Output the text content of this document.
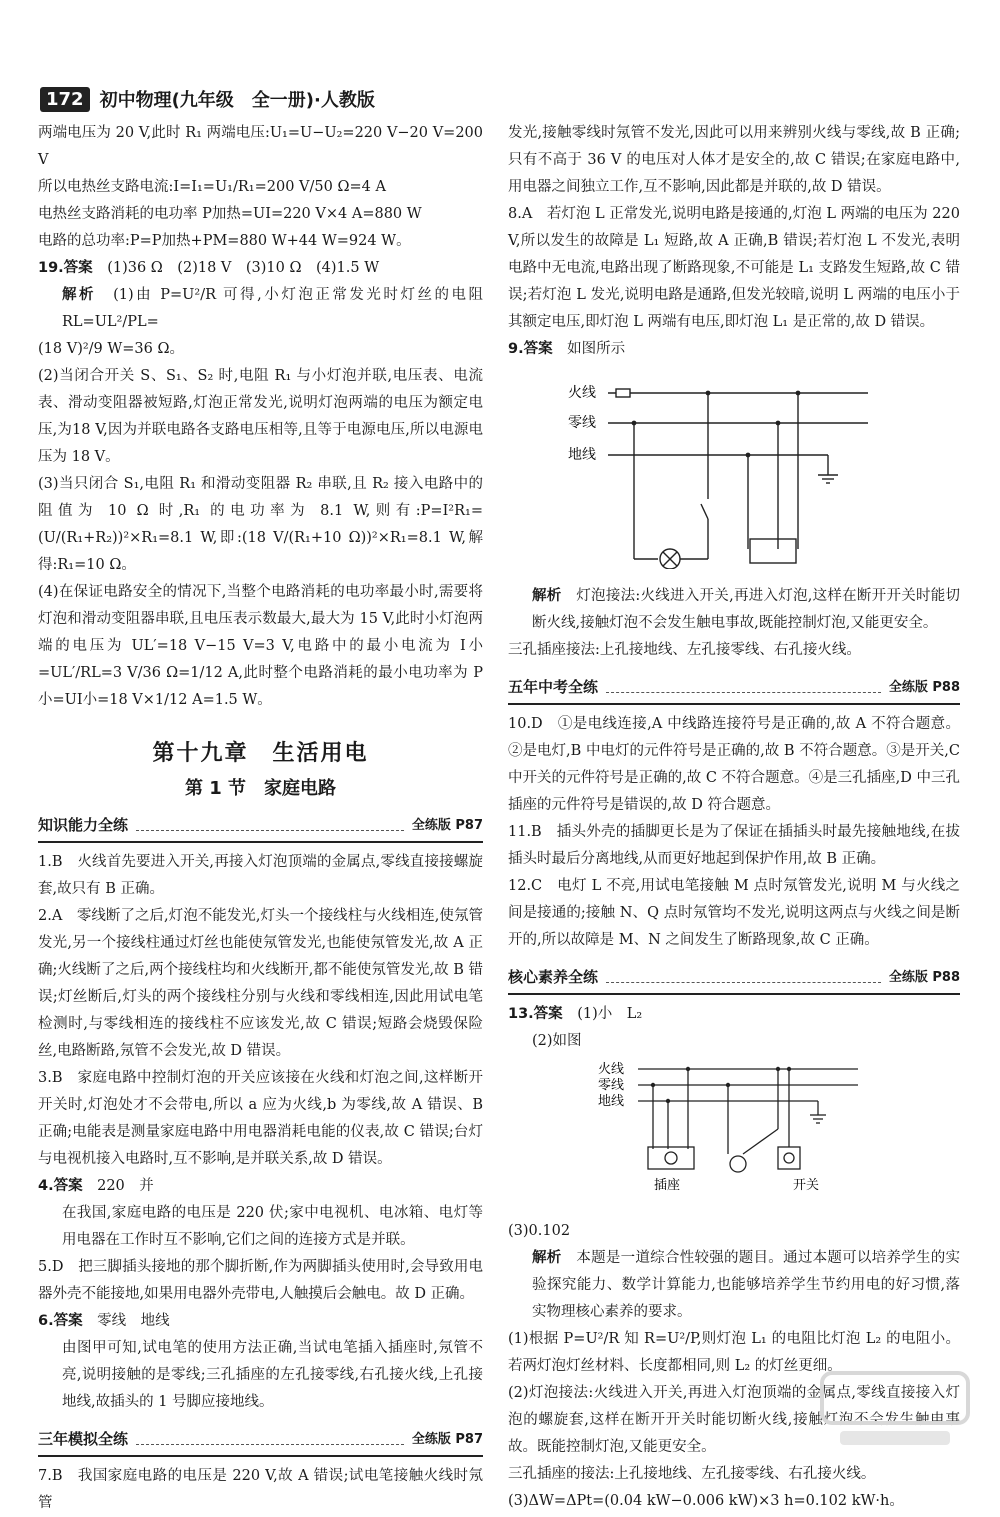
172 初中物理(九年级　全一册)·人教版

两端电压为 20 V,此时 R₁ 两端电压:U₁=U−U₂=220 V−20 V=200 V

所以电热丝支路电流:I=I₁=U₁/R₁=200 V/50 Ω=4 A

电热丝支路消耗的电功率 P加热=UI=220 V×4 A=880 W

电路的总功率:P=P加热+PM=880 W+44 W=924 W。

19.答案　 (1)36 Ω　(2)18 V　(3)10 Ω　(4)1.5 W

解析　 (1)由 P=U²/R 可得,小灯泡正常发光时灯丝的电阻 RL=UL²/PL=

(18 V)²/9 W=36 Ω。

(2)当闭合开关 S、S₁、S₂ 时,电阻 R₁ 与小灯泡并联,电压表、电流表、滑动变阻器被短路,灯泡正常发光,说明灯泡两端的电压为额定电压,为18 V,因为并联电路各支路电压相等,且等于电源电压,所以电源电压为 18 V。

(3)当只闭合 S₁,电阻 R₁ 和滑动变阻器 R₂ 串联,且 R₂ 接入电路中的阻值为 10 Ω 时,R₁ 的电功率为 8.1 W,则有:P=I²R₁=(U/(R₁+R₂))²×R₁=8.1 W,即:(18 V/(R₁+10 Ω))²×R₁=8.1 W,解得:R₁=10 Ω。

(4)在保证电路安全的情况下,当整个电路消耗的电功率最小时,需要将灯泡和滑动变阻器串联,且电压表示数最大,最大为 15 V,此时小灯泡两端的电压为 UL′=18 V−15 V=3 V,电路中的最小电流为 I小=UL′/RL=3 V/36 Ω=1/12 A,此时整个电路消耗的最小电功率为 P小=UI小=18 V×1/12 A=1.5 W。

第十九章　生活用电
第 1 节　家庭电路
知识能力全练	全练版 P87

1.B　火线首先要进入开关,再接入灯泡顶端的金属点,零线直接接螺旋套,故只有 B 正确。

2.A　零线断了之后,灯泡不能发光,灯头一个接线柱与火线相连,使氖管发光,另一个接线柱通过灯丝也能使氖管发光,也能使氖管发光,故 A 正确;火线断了之后,两个接线柱均和火线断开,都不能使氖管发光,故 B 错误;灯丝断后,灯头的两个接线柱分别与火线和零线相连,因此用试电笔检测时,与零线相连的接线柱不应该发光,故 C 错误;短路会烧毁保险丝,电路断路,氖管不会发光,故 D 错误。

3.B　家庭电路中控制灯泡的开关应该接在火线和灯泡之间,这样断开开关时,灯泡处才不会带电,所以 a 应为火线,b 为零线,故 A 错误、B 正确;电能表是测量家庭电路中用电器消耗电能的仪表,故 C 错误;台灯与电视机接入电路时,互不影响,是并联关系,故 D 错误。

4.答案　 220　并

在我国,家庭电路的电压是 220 伏;家中电视机、电冰箱、电灯等用电器在工作时互不影响,它们之间的连接方式是并联。

5.D　把三脚插头接地的那个脚折断,作为两脚插头使用时,会导致用电器外壳不能接地,如果用电器外壳带电,人触摸后会触电。故 D 正确。

6.答案　 零线　地线

由图甲可知,试电笔的使用方法正确,当试电笔插入插座时,氖管不亮,说明接触的是零线;三孔插座的左孔接零线,右孔接火线,上孔接地线,故插头的 1 号脚应接地线。

三年模拟全练	全练版 P87

7.B　我国家庭电路的电压是 220 V,故 A 错误;试电笔接触火线时氖管

发光,接触零线时氖管不发光,因此可以用来辨别火线与零线,故 B 正确;只有不高于 36 V 的电压对人体才是安全的,故 C 错误;在家庭电路中,用电器之间独立工作,互不影响,因此都是并联的,故 D 错误。

8.A　若灯泡 L 正常发光,说明电路是接通的,灯泡 L 两端的电压为 220 V,所以发生的故障是 L₁ 短路,故 A 正确,B 错误;若灯泡 L 不发光,表明电路中无电流,电路出现了断路现象,不可能是 L₁ 支路发生短路,故 C 错误;若灯泡 L 发光,说明电路是通路,但发光较暗,说明 L 两端的电压小于其额定电压,即灯泡 L 两端有电压,即灯泡 L₁ 是正常的,故 D 错误。

9.答案　 如图所示

火线
零线
地线

解析　 灯泡接法:火线进入开关,再进入灯泡,这样在断开开关时能切断火线,接触灯泡不会发生触电事故,既能控制灯泡,又能更安全。

三孔插座接法:上孔接地线、左孔接零线、右孔接火线。

五年中考全练	全练版 P88

10.D　①是电线连接,A 中线路连接符号是正确的,故 A 不符合题意。②是电灯,B 中电灯的元件符号是正确的,故 B 不符合题意。③是开关,C 中开关的元件符号是正确的,故 C 不符合题意。④是三孔插座,D 中三孔插座的元件符号是错误的,故 D 符合题意。

11.B　插头外壳的插脚更长是为了保证在插插头时最先接触地线,在拔插头时最后分离地线,从而更好地起到保护作用,故 B 正确。

12.C　电灯 L 不亮,用试电笔接触 M 点时氖管发光,说明 M 与火线之间是接通的;接触 N、Q 点时氖管均不发光,说明这两点与火线之间是断开的,所以故障是 M、N 之间发生了断路现象,故 C 正确。

核心素养全练	全练版 P88

13.答案　 (1)小　L₂

(2)如图

火线
零线
地线
插座	开关

(3)0.102

解析　 本题是一道综合性较强的题目。通过本题可以培养学生的实验探究能力、数学计算能力,也能够培养学生节约用电的好习惯,落实物理核心素养的要求。

(1)根据 P=U²/R 知 R=U²/P,则灯泡 L₁ 的电阻比灯泡 L₂ 的电阻小。若两灯泡灯丝材料、长度都相同,则 L₂ 的灯丝更细。

(2)灯泡接法:火线进入开关,再进入灯泡顶端的金属点,零线直接接入灯泡的螺旋套,这样在断开开关时能切断火线,接触灯泡不会发生触电事故。既能控制灯泡,又能更安全。

三孔插座的接法:上孔接地线、左孔接零线、右孔接火线。

(3)ΔW=ΔPt=(0.04 kW−0.006 kW)×3 h=0.102 kW·h。
